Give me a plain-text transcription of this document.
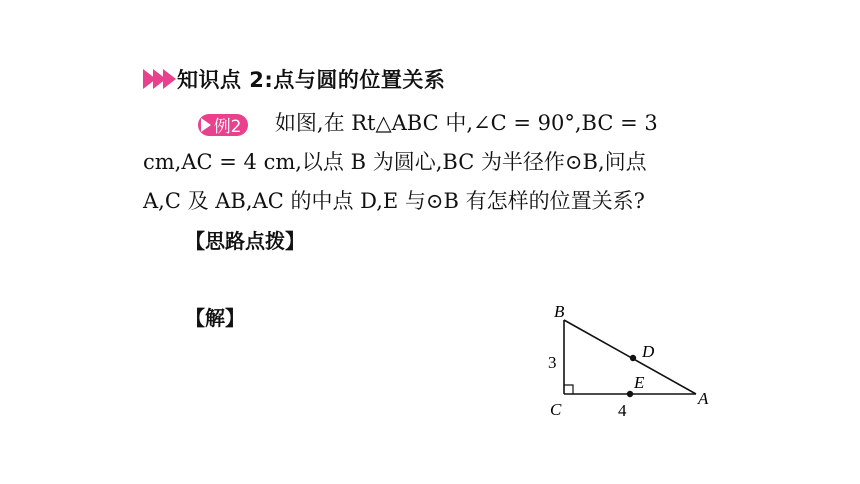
知识点 2:点与圆的位置关系

例2 如图,在 Rt△ABC 中,∠C = 90°,BC = 3
cm,AC = 4 cm,以点 B 为圆心,BC 为半径作⊙B,问点
A,C 及 AB,AC 的中点 D,E 与⊙B 有怎样的位置关系?
【思路点拨】
【解】	B
3
C	4
A
D
E
